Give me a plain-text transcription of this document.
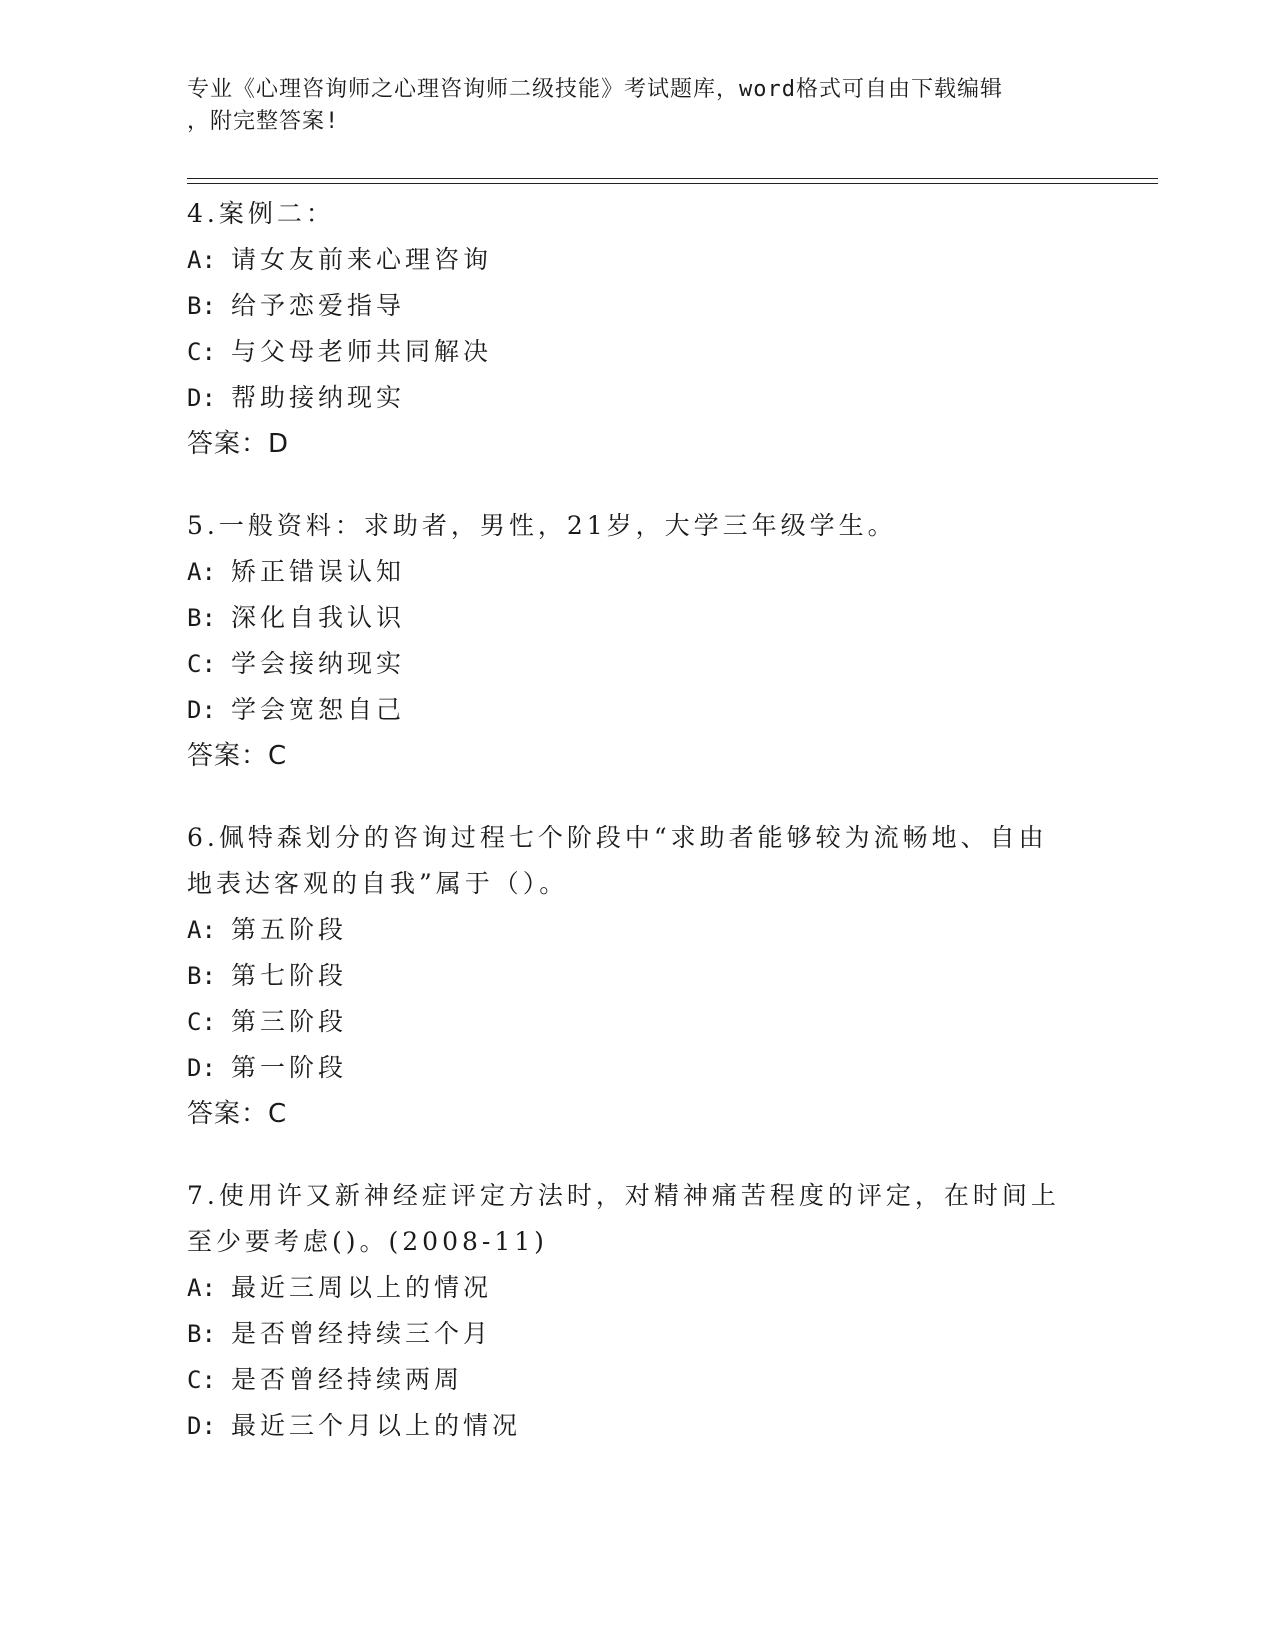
专业《心理咨询师之心理咨询师二级技能》考试题库，word格式可自由下载编辑
，附完整答案!
4.案例二：
A: 请女友前来心理咨询
B: 给予恋爱指导
C: 与父母老师共同解决
D: 帮助接纳现实
答案：D
5.一般资料：求助者，男性，21岁，大学三年级学生。
A: 矫正错误认知
B: 深化自我认识
C: 学会接纳现实
D: 学会宽恕自己
答案：C
6.佩特森划分的咨询过程七个阶段中“求助者能够较为流畅地、自由地表达客观的自我”属于（）。
A: 第五阶段
B: 第七阶段
C: 第三阶段
D: 第一阶段
答案：C
7.使用许又新神经症评定方法时，对精神痛苦程度的评定，在时间上至少要考虑()。(2008-11)
A: 最近三周以上的情况
B: 是否曾经持续三个月
C: 是否曾经持续两周
D: 最近三个月以上的情况
